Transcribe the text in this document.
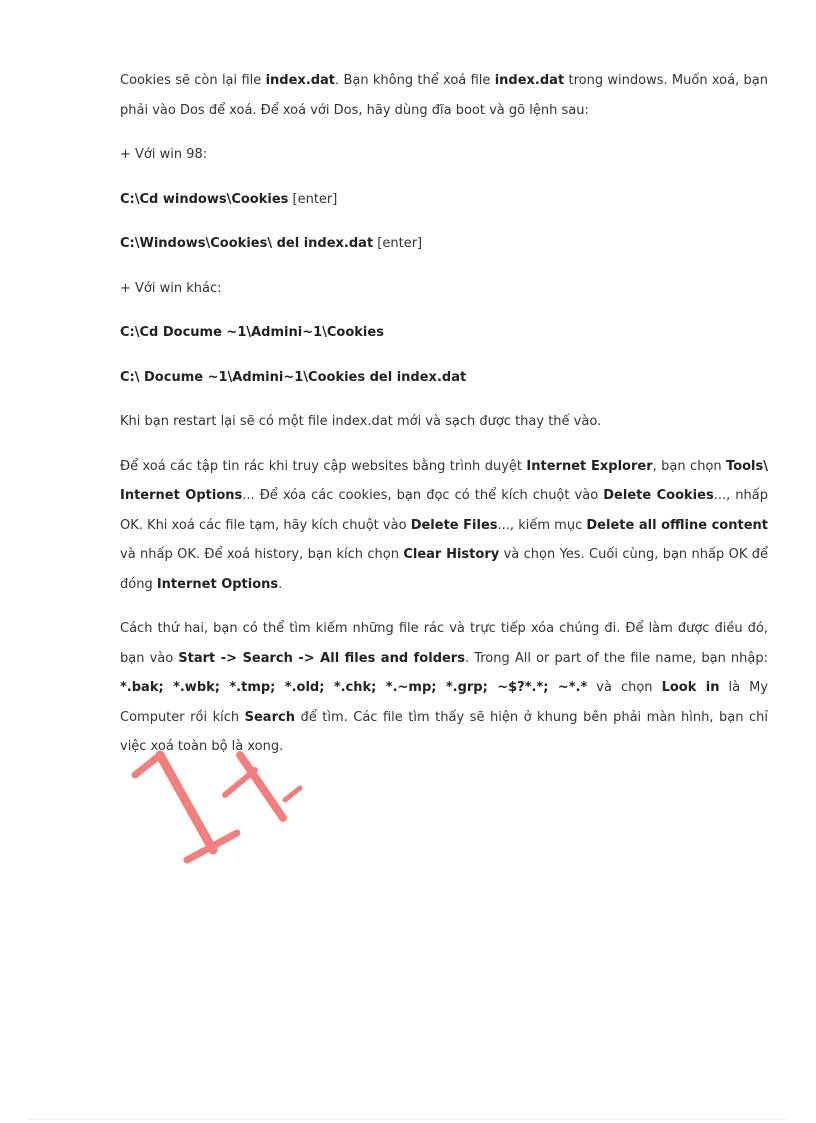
Cookies sẽ còn lại file index.dat. Bạn không thể xoá file index.dat trong windows. Muốn xoá, bạn phải vào Dos để xoá. Để xoá với Dos, hãy dùng đĩa boot và gõ lệnh sau:

+ Với win 98:

C:\Cd windows\Cookies [enter]

C:\Windows\Cookies\ del index.dat [enter]

+ Với win khác:

C:\Cd Docume ~1\Admini~1\Cookies

C:\ Docume ~1\Admini~1\Cookies del index.dat

Khi bạn restart lại sẽ có một file index.dat mới và sạch được thay thế vào.

Để xoá các tập tin rác khi truy cập websites bằng trình duyệt Internet Explorer, bạn chọn Tools\ Internet Options... Để xóa các cookies, bạn đọc có thể kích chuột vào Delete Cookies..., nhấp OK. Khi xoá các file tạm, hãy kích chuột vào Delete Files..., kiếm mục Delete all offline content và nhấp OK. Để xoá history, bạn kích chọn Clear History và chọn Yes. Cuối cùng, bạn nhấp OK để đóng Internet Options.

Cách thứ hai, bạn có thể tìm kiếm những file rác và trực tiếp xóa chúng đi. Để làm được điều đó, bạn vào Start -> Search -> All files and folders. Trong All or part of the file name, bạn nhập: *.bak; *.wbk; *.tmp; *.old; *.chk; *.~mp; *.grp; ~$?*.*; ~*.* và chọn Look in là My Computer rồi kích Search để tìm. Các file tìm thấy sẽ hiện ở khung bên phải màn hình, bạn chỉ việc xoá toàn bộ là xong.
